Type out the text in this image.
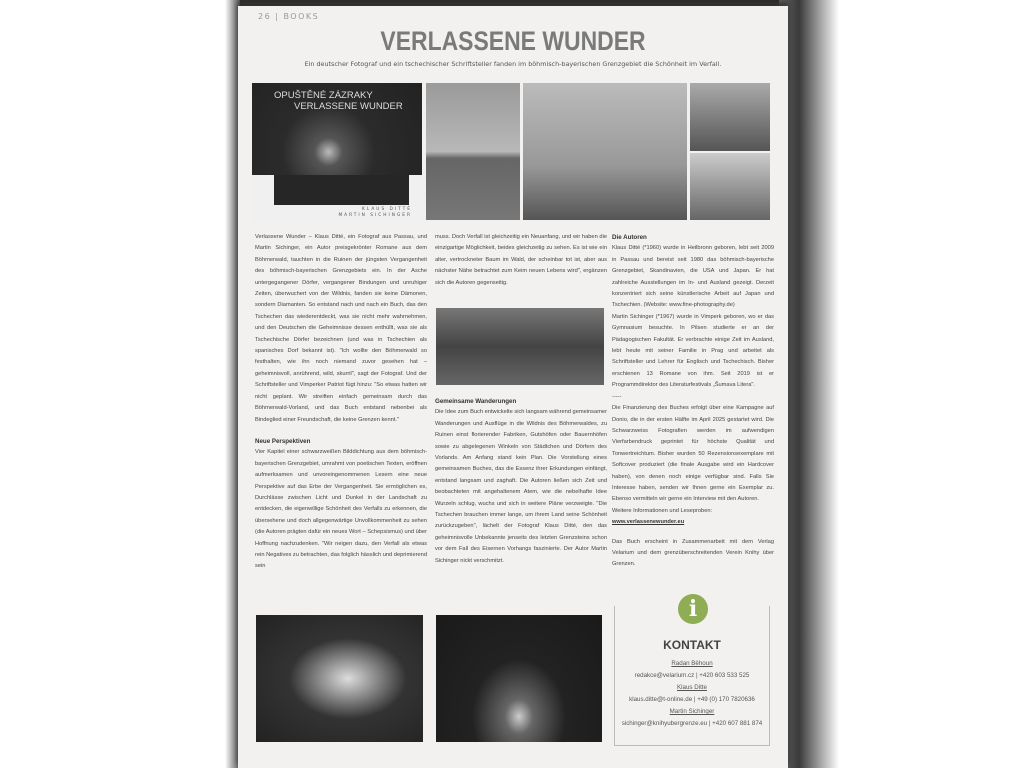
26 | BOOKS
VERLASSENE WUNDER
Ein deutscher Fotograf und ein tschechischer Schriftsteller fanden im böhmisch-bayerischen Grenzgebiet die Schönheit im Verfall.
OPUŠTĚNÉ ZÁZRAKY
VERLASSENE WUNDER
KLAUS DITTÉ
MARTIN SICHINGER

Verlassene Wunder – Klaus Ditté, ein Fotograf aus Passau, und Martin Sichinger, ein Autor preisgekrönter Romane aus dem Böhmerwald, tauchten in die Ruinen der jüngsten Vergangenheit des böhmisch-bayerischen Grenzgebiets ein. In der Asche untergegangener Dörfer, vergangener Bindungen und unruhiger Zeiten, überwuchert von der Wildnis, fanden sie keine Dämonen, sondern Diamanten. So entstand nach und nach ein Buch, das den Tschechen das wiederentdeckt, was sie nicht mehr wahrnehmen, und den Deutschen die Geheimnisse dessen enthüllt, was sie als Tschechische Dörfer bezeichnen (und was in Tschechien als spanisches Dorf bekannt ist). "Ich wollte den Böhmerwald so festhalten, wie ihn noch niemand zuvor gesehen hat – geheimnisvoll, anrührend, wild, skurril", sagt der Fotograf. Und der Schriftsteller und Vimperker Patriot fügt hinzu: "So etwas hatten wir nicht geplant. Wir streiften einfach gemeinsam durch das Böhmerwald-Vorland, und das Buch entstand nebenbei als Bindeglied einer Freundschaft, die keine Grenzen kennt."

Neue Perspektiven

Vier Kapitel einer schwarzweißen Bilddichtung aus dem böhmisch-bayerischen Grenzgebiet, umrahmt von poetischen Texten, eröffnen aufmerksamen und unvoreingenommenen Lesern eine neue Perspektive auf das Erbe der Vergangenheit. Sie ermöglichen es, Durchlässe zwischen Licht und Dunkel in der Landschaft zu entdecken, die eigenwillige Schönheit des Verfalls zu erkennen, die übersehene und doch allgegenwärtige Unvollkommenheit zu sehen (die Autoren prägten dafür ein neues Wort – Schepsismus) und über Hoffnung nachzudenken. "Wir neigen dazu, den Verfall als etwas rein Negatives zu betrachten, das folglich hässlich und deprimierend sein

muss. Doch Verfall ist gleichzeitig ein Neuanfang, und wir haben die einzigartige Möglichkeit, beides gleichzeitig zu sehen. Es ist wie ein alter, vertrockneter Baum im Wald, der scheinbar tot ist, aber aus nächster Nähe betrachtet zum Keim neuen Lebens wird", ergänzen sich die Autoren gegenseitig.

Gemeinsame Wanderungen

Die Idee zum Buch entwickelte sich langsam während gemeinsamer Wanderungen und Ausflüge in die Wildnis des Böhmerwaldes, zu Ruinen einst florierender Fabriken, Gutshöfen oder Bauernhöfen sowie zu abgelegenen Winkeln von Städtchen und Dörfern des Vorlands. Am Anfang stand kein Plan. Die Vorstellung eines gemeinsamen Buches, das die Essenz ihrer Erkundungen einfängt, entstand langsam und zaghaft. Die Autoren ließen sich Zeit und beobachteten mit angehaltenem Atem, wie die nebelhafte Idee Wurzeln schlug, wuchs und sich in weitere Pläne verzweigte. "Die Tschechen brauchen immer lange, um ihrem Land seine Schönheit zurückzugeben", lächelt der Fotograf Klaus Ditté, den das geheimnisvolle Unbekannte jenseits des letzten Grenzsteins schon vor dem Fall des Eisernen Vorhangs faszinierte. Der Autor Martin Sichinger nickt verschmitzt.

Die Autoren

Klaus Ditté (*1960) wurde in Heilbronn geboren, lebt seit 2009 in Passau und bereist seit 1980 das böhmisch-bayerische Grenzgebiet, Skandinavien, die USA und Japan. Er hat zahlreiche Ausstellungen im In- und Ausland gezeigt. Derzeit konzentriert sich seine künstlerische Arbeit auf Japan und Tschechien. (Website: www.fine-photography.de)

Martin Sichinger (*1967) wurde in Vimperk geboren, wo er das Gymnasium besuchte. In Pilsen studierte er an der Pädagogischen Fakultät. Er verbrachte einige Zeit im Ausland, lebt heute mit seiner Familie in Prag und arbeitet als Schriftsteller und Lehrer für Englisch und Tschechisch. Bisher erschienen 13 Romane von ihm. Seit 2019 ist er Programmdirektor des Literaturfestivals „Šumava Litera".

-----

Die Finanzierung des Buches erfolgt über eine Kampagne auf Donio, die in der ersten Hälfte im April 2025 gestartet wird. Die Schwarzweiss Fotografien werden im aufwendigen Vierfarbendruck geprintet für höchste Qualität und Tonwertreichtum. Bisher wurden 50 Rezensionsexemplare mit Softcover produziert (die finale Ausgabe wird ein Hardcover haben), von denen noch einige verfügbar sind. Falls Sie Interesse haben, senden wir Ihnen gerne ein Exemplar zu. Ebenso vermitteln wir gerne ein Interview mit den Autoren.

Weitere Informationen und Leseproben:

www.verlassenewunder.eu

Das Buch erscheint in Zusammenarbeit mit dem Verlag Velarium und dem grenzüberschreitenden Verein Knihy über Grenzen.

i
KONTAKT
Radan Běhoun
redakce@velarium.cz | +420 603 533 525
Klaus Ditte
klaus.ditte@t-online.de | +49 (0) 170 7820636
Martin Sichinger
sichinger@knihyubergrenze.eu | +420 607 881 874
